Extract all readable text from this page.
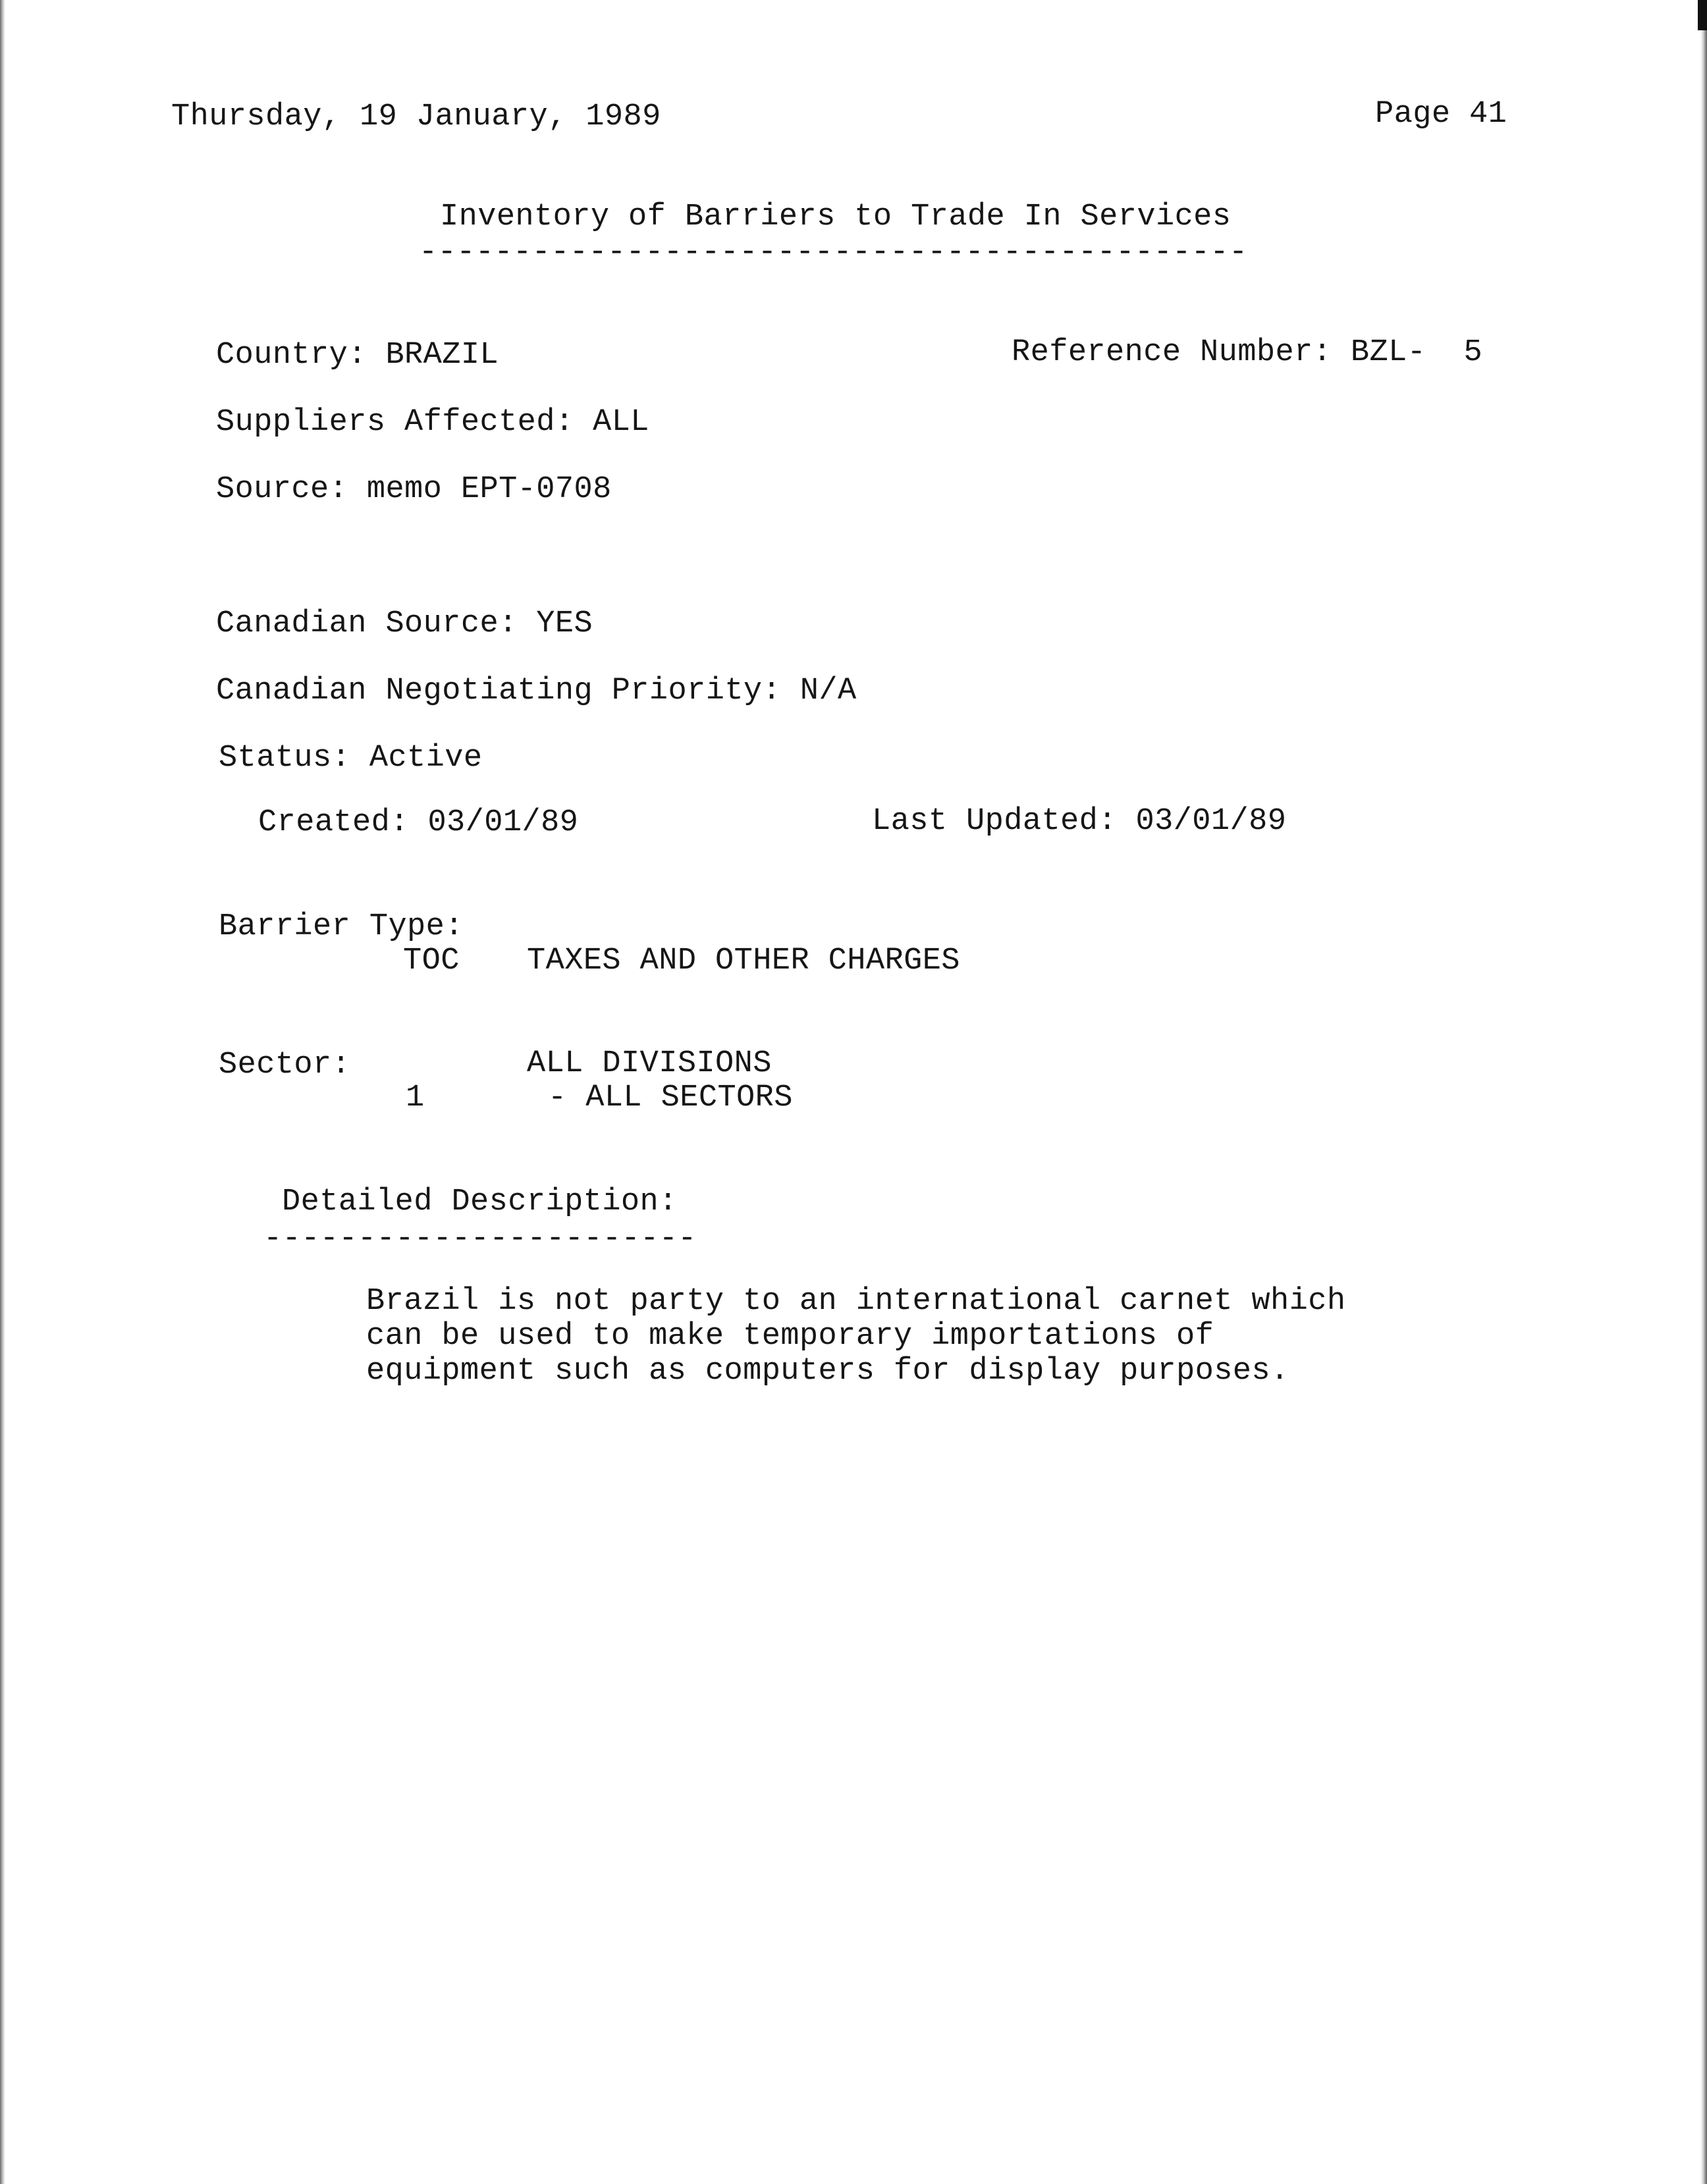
Thursday, 19 January, 1989	Page 41
Inventory of Barriers to Trade In Services
--------------------------------------------
Country: BRAZIL	Reference Number: BZL-  5
Suppliers Affected: ALL
Source: memo EPT-0708
Canadian Source: YES
Canadian Negotiating Priority: N/A
Status: Active
Created: 03/01/89	Last Updated: 03/01/89
Barrier Type:
TOC TAXES AND OTHER CHARGES
Sector:	ALL DIVISIONS
1	- ALL SECTORS
Detailed Description:
-----------------------
Brazil is not party to an international carnet which
can be used to make temporary importations of
equipment such as computers for display purposes.
